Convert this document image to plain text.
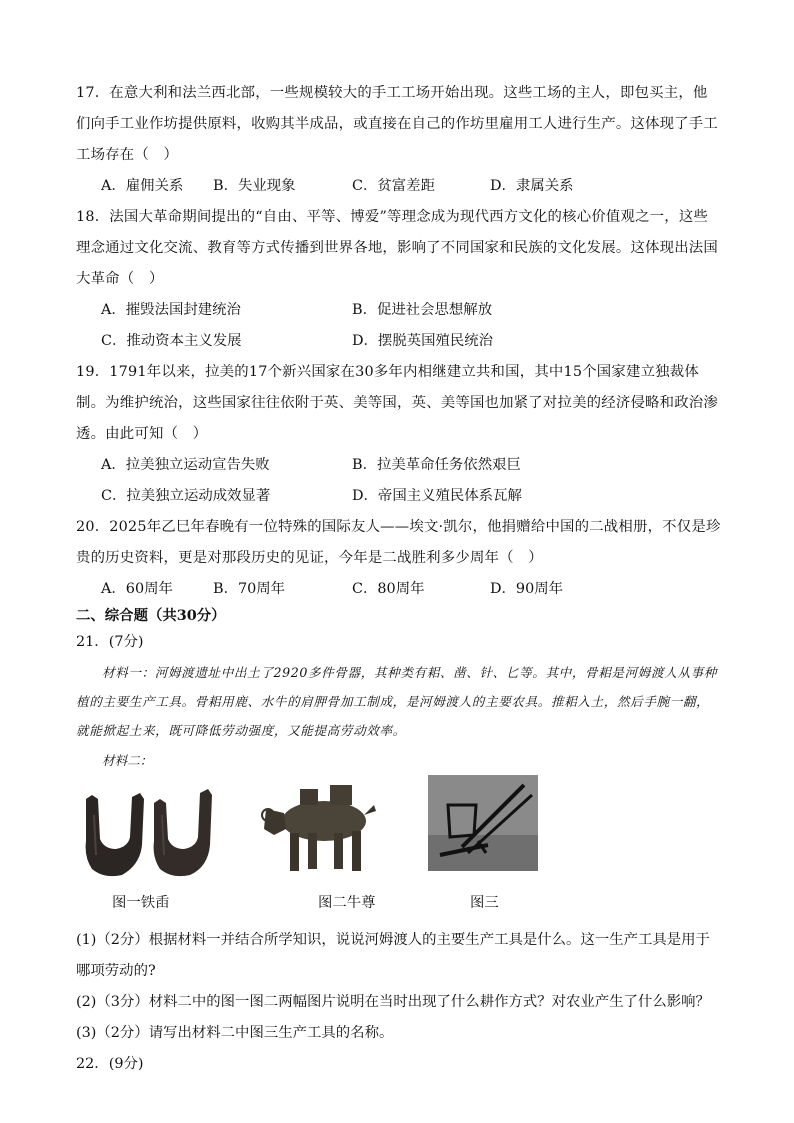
17．在意大利和法兰西北部，一些规模较大的手工工场开始出现。这些工场的主人，即包买主，他们向手工业作坊提供原料，收购其半成品，或直接在自己的作坊里雇用工人进行生产。这体现了手工工场存在（　）

A．雇佣关系	B．失业现象	C．贫富差距	D．隶属关系

18．法国大革命期间提出的“自由、平等、博爱”等理念成为现代西方文化的核心价值观之一，这些理念通过文化交流、教育等方式传播到世界各地，影响了不同国家和民族的文化发展。这体现出法国大革命（　）

A．摧毁法国封建统治	B．促进社会思想解放
C．推动资本主义发展	D．摆脱英国殖民统治

19．1791年以来，拉美的17个新兴国家在30多年内相继建立共和国，其中15个国家建立独裁体制。为维护统治，这些国家往往依附于英、美等国，英、美等国也加紧了对拉美的经济侵略和政治渗透。由此可知（　）

A．拉美独立运动宣告失败	B．拉美革命任务依然艰巨
C．拉美独立运动成效显著	D．帝国主义殖民体系瓦解

20．2025年乙巳年春晚有一位特殊的国际友人——埃文·凯尔，他捐赠给中国的二战相册，不仅是珍贵的历史资料，更是对那段历史的见证，今年是二战胜利多少周年（　）

A．60周年	B．70周年	C．80周年	D．90周年

二、综合题（共30分）

21．(7分)

材料一：河姆渡遗址中出土了2920多件骨器，其种类有耜、凿、针、匕等。其中，骨耜是河姆渡人从事种植的主要生产工具。骨耜用鹿、水牛的肩胛骨加工制成，是河姆渡人的主要农具。推耜入土，然后手腕一翻，就能掀起土来，既可降低劳动强度，又能提高劳动效率。

材料二：

图一铁臿	图二牛尊	图三

(1)（2分）根据材料一并结合所学知识，说说河姆渡人的主要生产工具是什么。这一生产工具是用于哪项劳动的?

(2)（3分）材料二中的图一图二两幅图片说明在当时出现了什么耕作方式？对农业产生了什么影响？

(3)（2分）请写出材料二中图三生产工具的名称。

22．(9分)
